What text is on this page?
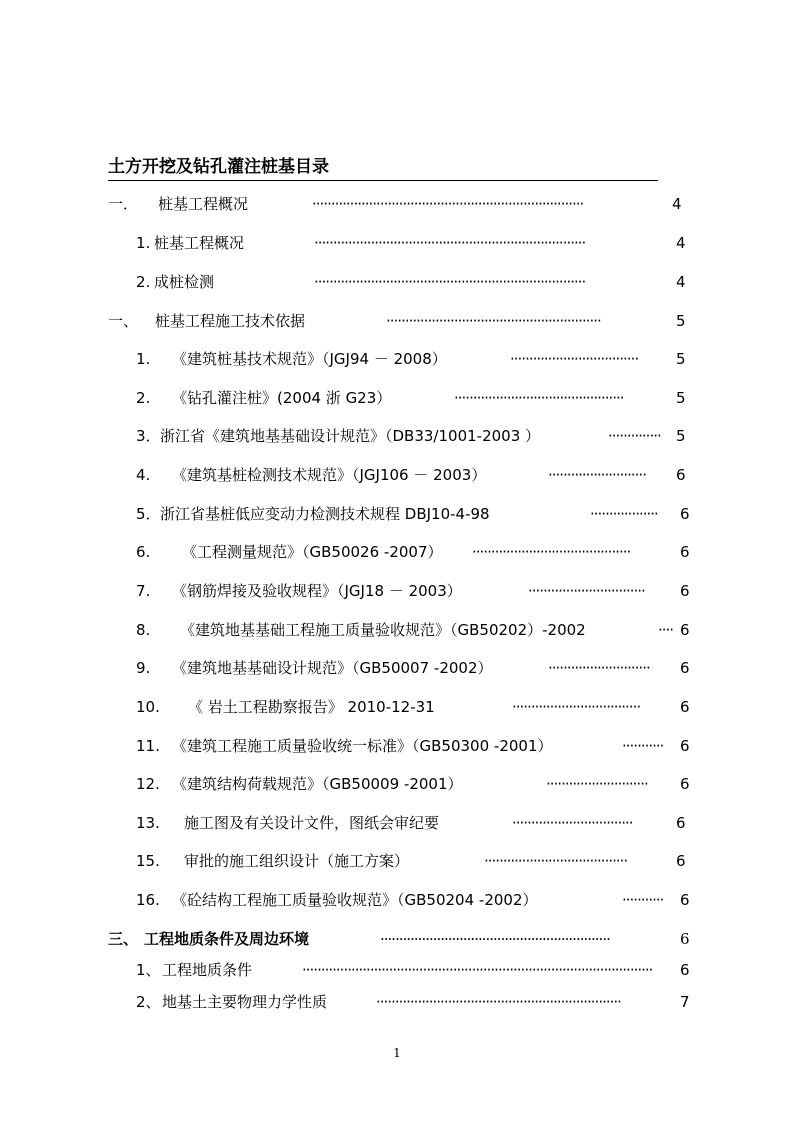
土方开挖及钻孔灌注桩基目录
一． 桩基工程概况	········································································	4
1. 桩基工程概况	········································································	4
2. 成桩检测	········································································	4
一、 桩基工程施工技术依据	·························································	5
1. 《建筑桩基技术规范》（JGJ94 － 2008）	··································	5
2. 《钻孔灌注桩》(2004 浙 G23）	·············································	5
3． 浙江省《建筑地基基础设计规范》（DB33/1001-2003 ）	··············	5
4. 《建筑基桩检测技术规范》（JGJ106 － 2003）	··························	6
5． 浙江省基桩低应变动力检测技术规程 DBJ10-4-98	··················	6
6. 《工程测量规范》（GB50026 -2007） ··········································	6
7. 《钢筋焊接及验收规程》（JGJ18 － 2003）	·······························	6
8. 《建筑地基基础工程施工质量验收规范》（GB50202）-2002	···· 6
9. 《建筑地基基础设计规范》（GB50007 -2002）	···························	6
10. 《 岩土工程勘察报告》 2010-12-31	··································	6
11. 《建筑工程施工质量验收统一标准》（GB50300 -2001）	···········	6
12. 《建筑结构荷载规范》（GB50009 -2001）	···························	6
13. 施工图及有关设计文件，图纸会审纪要	································	6
15. 审批的施工组织设计（施工方案）	······································	6
16. 《砼结构工程施工质量验收规范》（GB50204 -2002）	···········	6
三、 工程地质条件及周边环境	·····························································	6
1、 工程地质条件	·····························································································	6
2、 地基土主要物理力学性质	·································································	7
1
